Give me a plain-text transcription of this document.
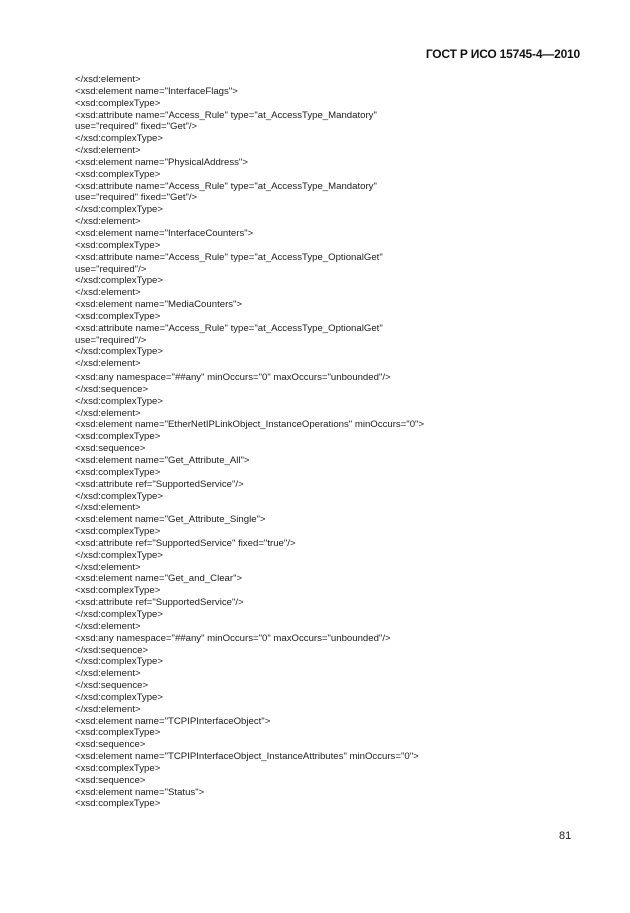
ГОСТ Р ИСО 15745-4—2010
</xsd:element>
<xsd:element name="InterfaceFlags">
<xsd:complexType>
<xsd:attribute name="Access_Rule" type="at_AccessType_Mandatory"
use="required" fixed="Get"/>
</xsd:complexType>
</xsd:element>
<xsd:element name="PhysicalAddress">
<xsd:complexType>
<xsd:attribute name="Access_Rule" type="at_AccessType_Mandatory"
use="required" fixed="Get"/>
</xsd:complexType>
</xsd:element>
<xsd:element name="InterfaceCounters">
<xsd:complexType>
<xsd:attribute name="Access_Rule" type="at_AccessType_OptionalGet"
use="required"/>
</xsd:complexType>
</xsd:element>
<xsd:element name="MediaCounters">
<xsd:complexType>
<xsd:attribute name="Access_Rule" type="at_AccessType_OptionalGet"
use="required"/>
</xsd:complexType>
</xsd:element>
<xsd:any namespace="##any" minOccurs="0" maxOccurs="unbounded"/>
</xsd:sequence>
</xsd:complexType>
</xsd:element>
<xsd:element name="EtherNetIPLinkObject_InstanceOperations" minOccurs="0">
<xsd:complexType>
<xsd:sequence>
<xsd:element name="Get_Attribute_All">
<xsd:complexType>
<xsd:attribute ref="SupportedService"/>
</xsd:complexType>
</xsd:element>
<xsd:element name="Get_Attribute_Single">
<xsd:complexType>
<xsd:attribute ref="SupportedService" fixed="true"/>
</xsd:complexType>
</xsd:element>
<xsd:element name="Get_and_Clear">
<xsd:complexType>
<xsd:attribute ref="SupportedService"/>
</xsd:complexType>
</xsd:element>
<xsd:any namespace="##any" minOccurs="0" maxOccurs="unbounded"/>
</xsd:sequence>
</xsd:complexType>
</xsd:element>
</xsd:sequence>
</xsd:complexType>
</xsd:element>
<xsd:element name="TCPIPInterfaceObject">
<xsd:complexType>
<xsd:sequence>
<xsd:element name="TCPIPInterfaceObject_InstanceAttributes" minOccurs="0">
<xsd:complexType>
<xsd:sequence>
<xsd:element name="Status">
<xsd:complexType>
81
